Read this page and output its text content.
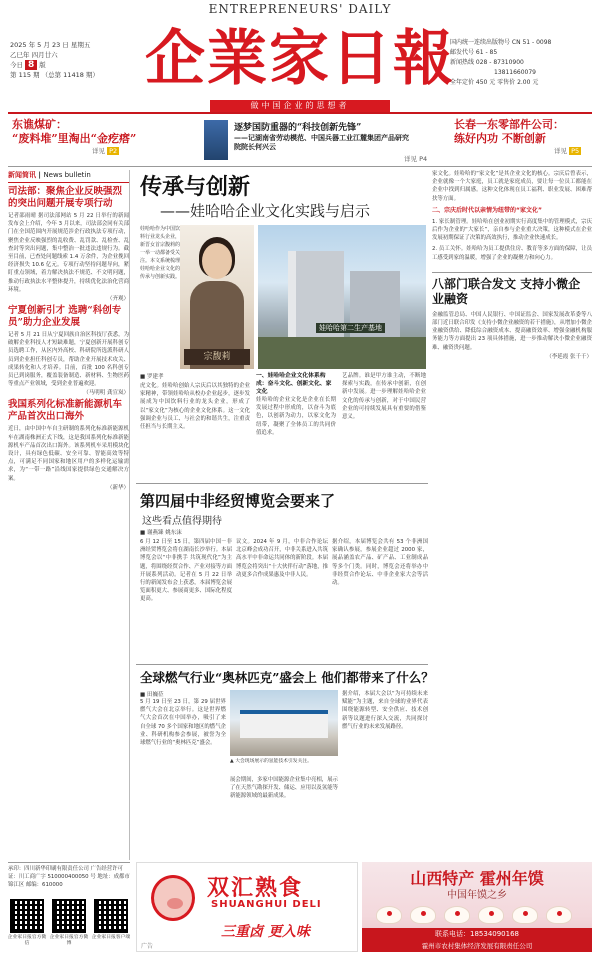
ENTREPRENEURS' DAILY
2025 年 5 月 23 日 星期五
乙巳年 四月廿六
今日 8 版
第 115 期 （总第 11418 期） 企業家日報
做中国企业的思想者
国内统一连续出版物号 CN 51 - 0098
邮发代号 61 - 85
新闻热线 028 - 87310900
13811660079
全年定价 450 元 零售价 2.00 元
东谯煤矿：
“废料堆”里淘出“金疙瘩”
详见 P2
逐梦国防重器的“科技创新先锋”
——记湖南省劳动模范、中国兵器工业江麓集团产品研究院院长何兴云
详见 P4
长春一东零部件公司：
练好内功 不断创新
详见 P5
新闻简讯 | News bulletin
司法部：聚焦企业反映强烈的突出问题开展专项行动
记者邵雨晴 据司法部网站 5 月 22 日举行的新闻发布会上介绍，今年 3 月以来，司法部会同有关部门在全国范围内开展规范涉企行政执法专项行动，聚焦企业反映强烈的乱收费、乱罚款、乱检查、乱查封等突出问题，集中整治一批违法违规行为。截至目前，已查处问题线索 1.4 万余件，为企业挽回经济损失 10.6 亿元。专项行动坚持问题导向，紧盯重点领域，着力解决执法不规范、不文明问题，推动行政执法水平整体提升，持续优化法治化营商环境。
（齐观）
宁夏创新引才 选聘“科创专员”助力企业发展
记者 5 月 21 日从宁夏回族自治区科技厅获悉，为破解企业科技人才短缺难题，宁夏创新开展科创专员选聘工作，从区内外高校、科研院所选派科研人员到企业担任科创专员，帮助企业开展技术攻关、成果转化和人才培养。目前，首批 100 名科创专员已到岗服务，覆盖装备制造、新材料、生物医药等重点产业领域，受到企业普遍欢迎。
（马明明 龚宣岚）
我国系列化标准新能源机车产品首次出口海外
近日，由中国中车自主研制的系列化标准新能源机车在湖南株洲正式下线，这是我国系列化标准新能源机车产品首次出口海外。该系列机车采用模块化设计，具有绿色低碳、安全可靠、智能高效等特点，可满足不同国家和地区用户的多样化运输需求，为“一带一路”沿线国家提供绿色交通解决方案。
（新华）
传承与创新
——娃哈哈企业文化实践与启示
娃哈哈作为中国饮料行业龙头企业，新晋女首宗馥莉的一举一动都备受关注。本文系统梳理娃哈哈企业文化的传承与创新实践。
宗馥莉
娃哈哈第二生产基地
■ 罗建孝
虎文化。娃哈哈创始人宗庆后以其独特的企业家精神，带领娃哈哈从校办企业起步，逐步发展成为中国饮料行业的龙头企业，形成了以“家文化”为核心的企业文化体系。这一文化强调企业与员工、与社会的和谐共生，注重责任担当与长期主义。
一、娃哈哈企业文化体系构成：奋斗文化、创新文化、家文化
娃哈哈的企业文化是企业在长期发展过程中形成的，以奋斗为底色，以创新为动力，以家文化为纽带，凝聚了全体员工的共同价值追求。
艺品牌。谁是甲方谁主动，不断地探索与实践，在传承中创新，在创新中发展。进一步理解娃哈哈企业文化的传承与创新，对于中国民营企业的可持续发展具有重要的借鉴意义。
家文化。娃哈哈的“家文化”是其企业文化的核心。宗庆后曾表示，企业就像一个大家庭，员工就是家庭成员，要让每一位员工都能在企业中找到归属感。这种文化体现在员工福利、职业发展、困难帮扶等方面。
二、宗庆后时代以亲情为纽带的“家文化”
1. 家长制管理。娃哈哈在创业初期实行高度集中的管理模式，宗庆后作为企业的“大家长”，亲自参与企业重大决策，这种模式在企业发展初期保证了决策的高效执行，推动企业快速成长。
2. 员工关怀。娃哈哈为员工提供住房、教育等多方面的保障，让员工感受到家的温暖，增强了企业的凝聚力和向心力。
八部门联合发文 支持小微企业融资
金融监管总局、中国人民银行、中国证监会、国家发展改革委等八部门近日联合印发《支持小微企业融资的若干措施》，从增加小微企业融资供给、降低综合融资成本、提高融资效率、增强金融机构服务能力等方面提出 23 项具体措施，进一步推动解决小微企业融资难、融资贵问题。
（李延霞 张千千）
第四届中非经贸博览会要来了
这些看点值得期待
■ 谢燕臻 姚东沫
6 月 12 日至 15 日，第四届中国－非洲经贸博览会将在湖南长沙举行。本届博览会以“中非携手 共筑现代化”为主题，将围绕经贸合作、产业对接等方面开展系列活动。记者在 5 月 22 日举行的新闻发布会上获悉，本届博览会展览面积更大、参展商更多、国际化程度更高。
议文。2024 年 9 月，中非合作论坛北京峰会成功召开，中非关系进入共筑高水平中非命运共同体的新阶段。本届博览会将突出“十大伙伴行动”落地，推动更多合作成果惠及中非人民。
据介绍，本届博览会共有 53 个非洲国家确认参展，参展企业超过 2000 家，展品涵盖农产品、矿产品、工业制成品等多个门类。同时，博览会还将举办中非经贸合作论坛、中非企业家大会等活动。
全球燃气行业“奥林匹克”盛会上 他们都带来了什么？
■ 田巍莅
5 月 19 日至 23 日，第 29 届世界燃气大会在北京举行。这是世界燃气大会首次在中国举办，吸引了来自全球 70 多个国家和地区的燃气企业、科研机构参会参展，被誉为全球燃气行业的“奥林匹克”盛会。
▲ 大会现场展示的氢能技术引发关注。
展会期间，多家中国能源企业集中亮相，展示了在天然气勘探开发、储运、应用以及氢能等新能源领域的最新成果。
据介绍，本届大会以“为可持续未来赋能”为主题，来自全球的业界代表围绕能源转型、安全供应、技术创新等议题进行深入交流，共同探讨燃气行业的未来发展路径。
承印：四川新华印刷有限责任公司 广告经营许可证：川工商广字 510000400050 号 地址：成都市锦江区 邮编：610000
企业家日报官方微信
企业家日报官方微博
企业家日报客户端
双汇熟食
SHUANGHUI DELI
三重卤 更入味
广告
山西特产 霍州年馍
中国年馍之乡
联系电话：18534090168
霍州市农村集体经济发展有限责任公司
